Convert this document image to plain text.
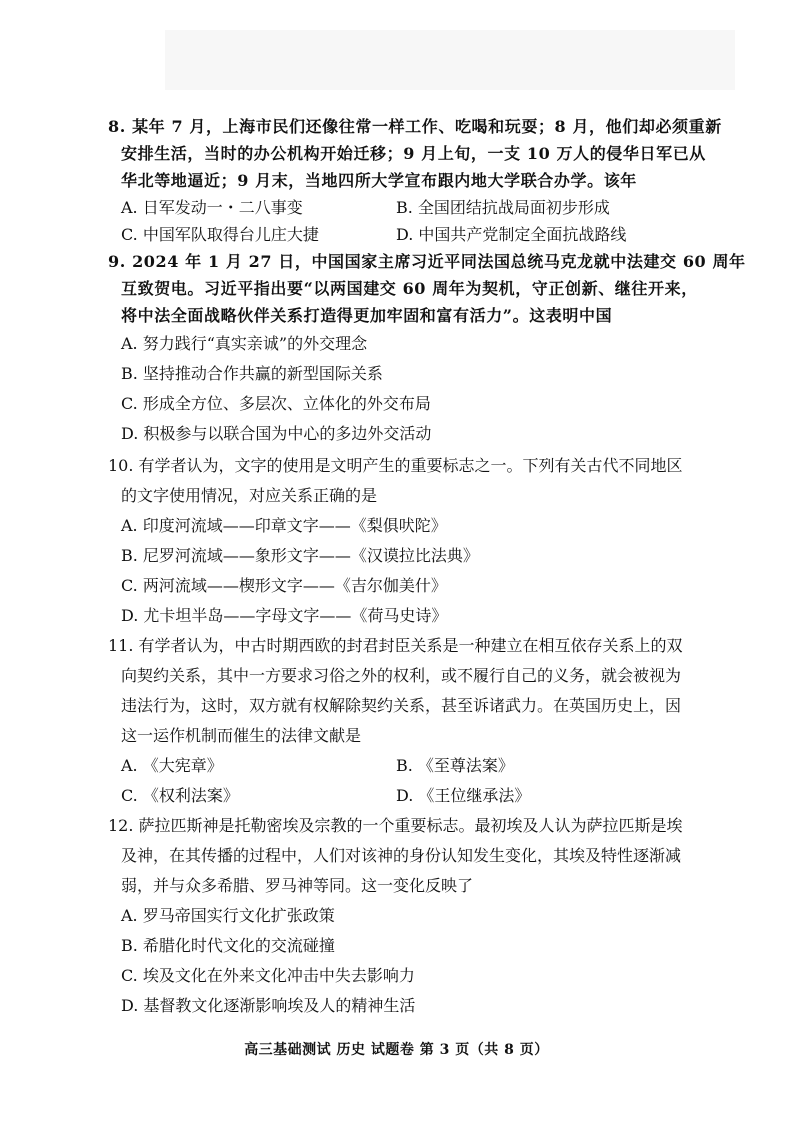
8. 某年 7 月，上海市民们还像往常一样工作、吃喝和玩耍；8 月，他们却必须重新
安排生活，当时的办公机构开始迁移；9 月上旬，一支 10 万人的侵华日军已从
华北等地逼近；9 月末，当地四所大学宣布跟内地大学联合办学。该年
A. 日军发动一・二八事变	B. 全国团结抗战局面初步形成
C. 中国军队取得台儿庄大捷	D. 中国共产党制定全面抗战路线
9. 2024 年 1 月 27 日，中国国家主席习近平同法国总统马克龙就中法建交 60 周年
互致贺电。习近平指出要“以两国建交 60 周年为契机，守正创新、继往开来，
将中法全面战略伙伴关系打造得更加牢固和富有活力”。这表明中国
A. 努力践行“真实亲诚”的外交理念
B. 坚持推动合作共赢的新型国际关系
C. 形成全方位、多层次、立体化的外交布局
D. 积极参与以联合国为中心的多边外交活动
10. 有学者认为，文字的使用是文明产生的重要标志之一。下列有关古代不同地区
的文字使用情况，对应关系正确的是
A. 印度河流域——印章文字——《梨俱吠陀》
B. 尼罗河流域——象形文字——《汉谟拉比法典》
C. 两河流域——楔形文字——《吉尔伽美什》
D. 尤卡坦半岛——字母文字——《荷马史诗》
11. 有学者认为，中古时期西欧的封君封臣关系是一种建立在相互依存关系上的双
向契约关系，其中一方要求习俗之外的权利，或不履行自己的义务，就会被视为
违法行为，这时，双方就有权解除契约关系，甚至诉诸武力。在英国历史上，因
这一运作机制而催生的法律文献是
A. 《大宪章》	B. 《至尊法案》
C. 《权利法案》	D. 《王位继承法》
12. 萨拉匹斯神是托勒密埃及宗教的一个重要标志。最初埃及人认为萨拉匹斯是埃
及神，在其传播的过程中，人们对该神的身份认知发生变化，其埃及特性逐渐减
弱，并与众多希腊、罗马神等同。这一变化反映了
A. 罗马帝国实行文化扩张政策
B. 希腊化时代文化的交流碰撞
C. 埃及文化在外来文化冲击中失去影响力
D. 基督教文化逐渐影响埃及人的精神生活
高三基础测试 历史 试题卷 第 3 页（共 8 页）
